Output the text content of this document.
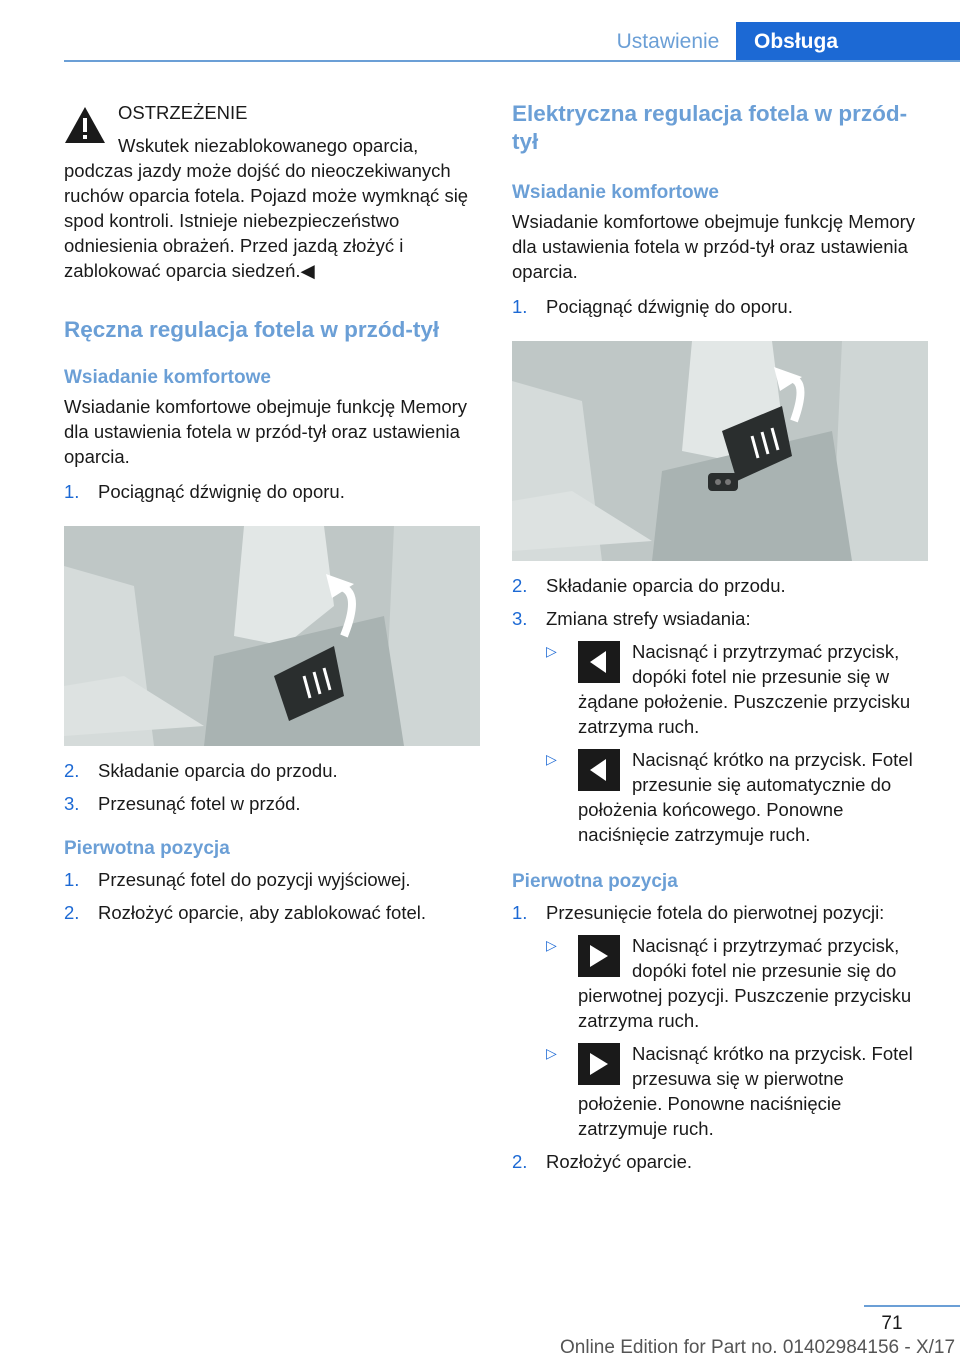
Ustawienie	Obsługa
OSTRZEŻENIE
Wskutek niezablokowanego oparcia,
podczas jazdy może dojść do nieoczekiwanych ruchów oparcia fotela. Pojazd może wymknąć się spod kontroli. Istnieje niebezpieczeństwo odniesienia obrażeń. Przed jazdą złożyć i zablokować oparcia siedzeń.◀
Ręczna regulacja fotela w przód-tył
Wsiadanie komfortowe
Wsiadanie komfortowe obejmuje funkcję Memory dla ustawienia fotela w przód-tył oraz ustawienia oparcia.
1. Pociągnąć dźwignię do oporu.
2. Składanie oparcia do przodu.
3. Przesunąć fotel w przód.
Pierwotna pozycja
1. Przesunąć fotel do pozycji wyjściowej.
2. Rozłożyć oparcie, aby zablokować fotel.
Elektryczna regulacja fotela w przód-tył
Wsiadanie komfortowe
Wsiadanie komfortowe obejmuje funkcję Memory dla ustawienia fotela w przód-tył oraz ustawienia oparcia.
1. Pociągnąć dźwignię do oporu.
2. Składanie oparcia do przodu.
3. Zmiana strefy wsiadania:
▷	Nacisnąć i przytrzymać przycisk, dopóki fotel nie przesunie się w żądane położenie. Puszczenie przycisku zatrzyma ruch.
▷	Nacisnąć krótko na przycisk. Fotel przesunie się automatycznie do położenia końcowego. Ponowne naciśnięcie zatrzymuje ruch.
Pierwotna pozycja
1. Przesunięcie fotela do pierwotnej pozycji:
▷	Nacisnąć i przytrzymać przycisk, dopóki fotel nie przesunie się do pierwotnej pozycji. Puszczenie przycisku zatrzyma ruch.
▷	Nacisnąć krótko na przycisk. Fotel przesuwa się w pierwotne położenie. Ponowne naciśnięcie zatrzymuje ruch.
2. Rozłożyć oparcie.
71
Online Edition for Part no. 01402984156 - X/17
